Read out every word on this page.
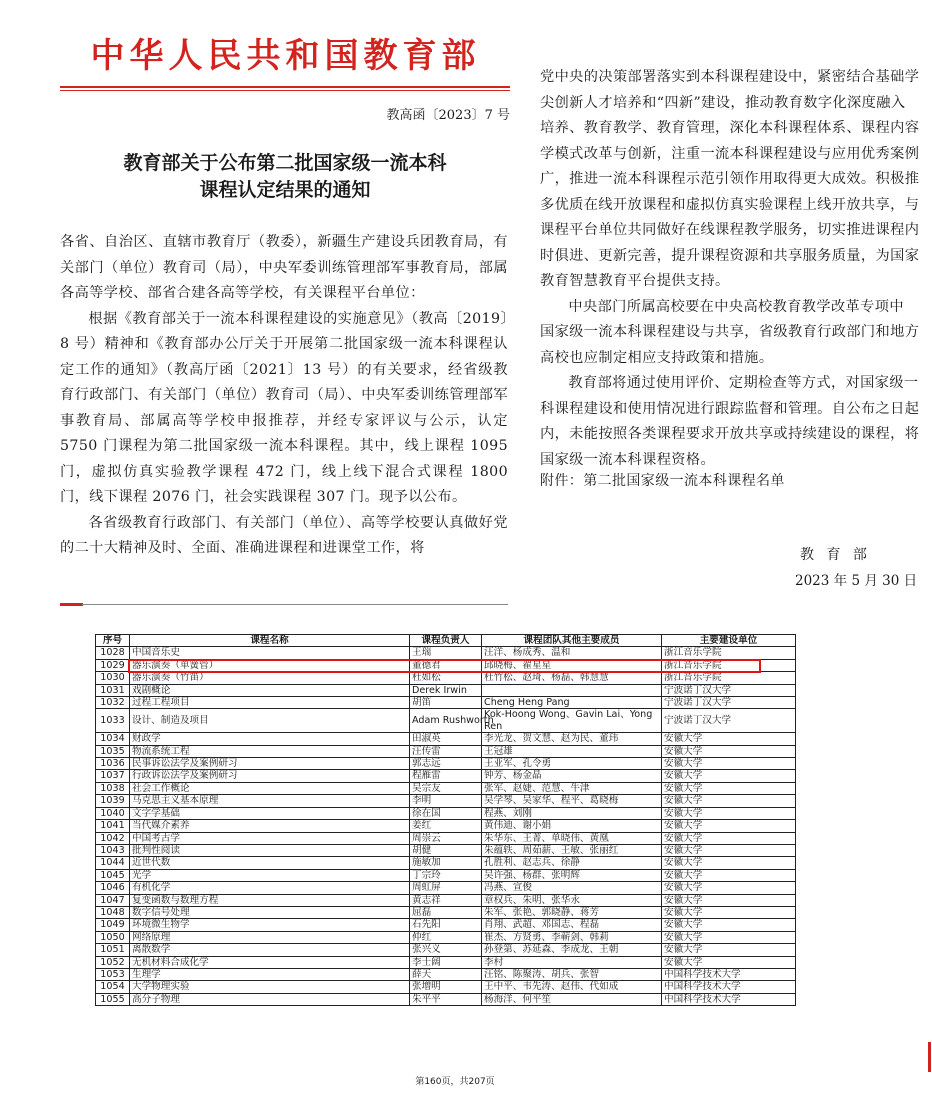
中华人民共和国教育部
教高函〔2023〕7 号
教育部关于公布第二批国家级一流本科
课程认定结果的通知

各省、自治区、直辖市教育厅（教委），新疆生产建设兵团教育局，有关部门（单位）教育司（局），中央军委训练管理部军事教育局，部属各高等学校、部省合建各高等学校，有关课程平台单位：

根据《教育部关于一流本科课程建设的实施意见》（教高〔2019〕8 号）精神和《教育部办公厅关于开展第二批国家级一流本科课程认定工作的通知》（教高厅函〔2021〕13 号）的有关要求，经省级教育行政部门、有关部门（单位）教育司（局）、中央军委训练管理部军事教育局、部属高等学校申报推荐，并经专家评议与公示，认定 5750 门课程为第二批国家级一流本科课程。其中，线上课程 1095 门，虚拟仿真实验教学课程 472 门，线上线下混合式课程 1800 门，线下课程 2076 门，社会实践课程 307 门。现予以公布。

各省级教育行政部门、有关部门（单位）、高等学校要认真做好党的二十大精神及时、全面、准确进课程和进课堂工作，将

党中央的决策部署落实到本科课程建设中，紧密结合基础学
尖创新人才培养和“四新”建设，推动教育数字化深度融入
培养、教育教学、教育管理，深化本科课程体系、课程内容
学模式改革与创新，注重一流本科课程建设与应用优秀案例
广，推进一流本科课程示范引领作用取得更大成效。积极推
多优质在线开放课程和虚拟仿真实验课程上线开放共享，与
课程平台单位共同做好在线课程教学服务，切实推进课程内
时俱进、更新完善，提升课程资源和共享服务质量，为国家
教育智慧教育平台提供支持。
中央部门所属高校要在中央高校教育教学改革专项中
国家级一流本科课程建设与共享，省级教育行政部门和地方
高校也应制定相应支持政策和措施。
教育部将通过使用评价、定期检查等方式，对国家级一
科课程建设和使用情况进行跟踪监督和管理。自公布之日起
内，未能按照各类课程要求开放共享或持续建设的课程，将
国家级一流本科课程资格。
附件：第二批国家级一流本科课程名单
教 育 部
2023 年 5 月 30 日
序号	课程名称	课程负责人	课程团队其他主要成员	主要建设单位
1028	中国音乐史	王瑞	汪洋、杨成秀、温和	浙江音乐学院
1029	器乐演奏（单簧管）	董德君	邱晓梅、翟星星	浙江音乐学院
1030	器乐演奏（竹笛）	杜如松	杜竹松、赵琦、杨磊、韩慧慧	浙江音乐学院
1031	戏剧概论	Derek Irwin		宁波诺丁汉大学
1032	过程工程项目	胡笛	Cheng Heng Pang	宁波诺丁汉大学
1033	设计、制造及项目	Adam Rushworth	Kok-Hoong Wong、Gavin Lai、Yong Ren	宁波诺丁汉大学
1034	财政学	田淑英	李光龙、贺文慧、赵为民、董玮	安徽大学
1035	物流系统工程	汪传雷	王冠雄	安徽大学
1036	民事诉讼法学及案例研习	郭志远	王亚军、孔令勇	安徽大学
1037	行政诉讼法学及案例研习	程雁雷	钟芳、杨金晶	安徽大学
1038	社会工作概论	吴宗友	张军、赵婕、范慧、牛津	安徽大学
1039	马克思主义基本原理	李明	吴学琴、吴家华、程平、葛晓梅	安徽大学
1040	文字学基础	徐在国	程燕、刘刚	安徽大学
1041	当代媒介素养	姜红	黄伟迪、谢小娟	安徽大学
1042	中国考古学	周崇云	朱华东、王菁、单晓伟、黄凰	安徽大学
1043	批判性阅读	胡健	朱蕴轶、周茹薪、王敏、张丽红	安徽大学
1044	近世代数	施敏加	孔胜利、赵志兵、徐静	安徽大学
1045	光学	丁宗玲	吴许强、杨群、张明辉	安徽大学
1046	有机化学	周虹屏	冯燕、宣俊	安徽大学
1047	复变函数与数理方程	黄志祥	章权兵、朱明、张华永	安徽大学
1048	数字信号处理	屈磊	朱军、张艳、郭晓静、蒋芳	安徽大学
1049	环境微生物学	石先阳	肖翔、武超、邓国志、程磊	安徽大学
1050	网络原理	仲红	崔杰、方贤勇、李蕲剑、韩莉	安徽大学
1051	离散数学	张兴义	孙登第、苏延森、李成龙、王朝	安徽大学
1052	无机材料合成化学	李士阔	李村	安徽大学
1053	生理学	薛天	汪铭、陈聚涛、胡兵、张智	中国科学技术大学
1054	大学物理实验	张增明	王中平、韦先涛、赵伟、代如成	中国科学技术大学
1055	高分子物理	朱平平	杨海洋、何平笙	中国科学技术大学
第160页，共207页
